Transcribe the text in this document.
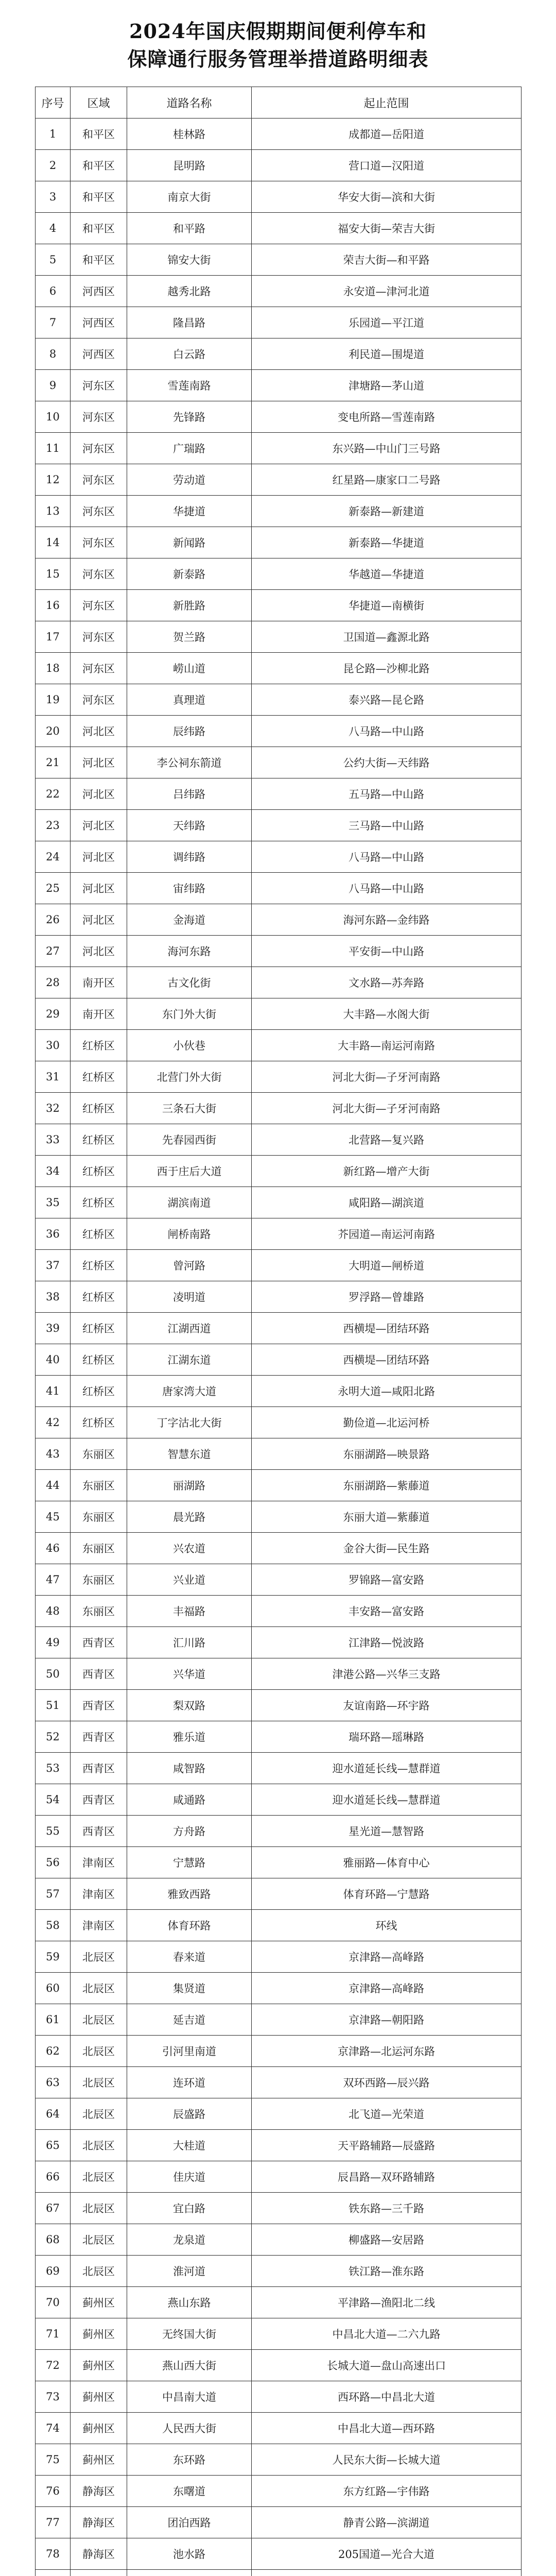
2024年国庆假期期间便利停车和
保障通行服务管理举措道路明细表
序号	区域	道路名称	起止范围
1	和平区	桂林路	成都道—岳阳道
2	和平区	昆明路	营口道—汉阳道
3	和平区	南京大街	华安大街—滨和大街
4	和平区	和平路	福安大街—荣吉大街
5	和平区	锦安大街	荣吉大街—和平路
6	河西区	越秀北路	永安道—津河北道
7	河西区	隆昌路	乐园道—平江道
8	河西区	白云路	利民道—围堤道
9	河东区	雪莲南路	津塘路—茅山道
10	河东区	先锋路	变电所路—雪莲南路
11	河东区	广瑞路	东兴路—中山门三号路
12	河东区	劳动道	红星路—康家口二号路
13	河东区	华捷道	新泰路—新建道
14	河东区	新闻路	新泰路—华捷道
15	河东区	新泰路	华越道—华捷道
16	河东区	新胜路	华捷道—南横街
17	河东区	贺兰路	卫国道—鑫源北路
18	河东区	崂山道	昆仑路—沙柳北路
19	河东区	真理道	泰兴路—昆仑路
20	河北区	辰纬路	八马路—中山路
21	河北区	李公祠东箭道	公约大街—天纬路
22	河北区	吕纬路	五马路—中山路
23	河北区	天纬路	三马路—中山路
24	河北区	调纬路	八马路—中山路
25	河北区	宙纬路	八马路—中山路
26	河北区	金海道	海河东路—金纬路
27	河北区	海河东路	平安街—中山路
28	南开区	古文化街	文水路—苏奔路
29	南开区	东门外大街	大丰路—水阁大街
30	红桥区	小伙巷	大丰路—南运河南路
31	红桥区	北营门外大街	河北大街—子牙河南路
32	红桥区	三条石大街	河北大街—子牙河南路
33	红桥区	先春园西街	北营路—复兴路
34	红桥区	西于庄后大道	新红路—增产大街
35	红桥区	湖滨南道	咸阳路—湖滨道
36	红桥区	闸桥南路	芥园道—南运河南路
37	红桥区	曾河路	大明道—闸桥道
38	红桥区	凌明道	罗浮路—曾雄路
39	红桥区	江湖西道	西横堤—团结环路
40	红桥区	江湖东道	西横堤—团结环路
41	红桥区	唐家湾大道	永明大道—咸阳北路
42	红桥区	丁字沽北大街	勤俭道—北运河桥
43	东丽区	智慧东道	东丽湖路—映景路
44	东丽区	丽湖路	东丽湖路—紫藤道
45	东丽区	晨光路	东丽大道—紫藤道
46	东丽区	兴农道	金谷大街—民生路
47	东丽区	兴业道	罗锦路—富安路
48	东丽区	丰福路	丰安路—富安路
49	西青区	汇川路	江津路—悦波路
50	西青区	兴华道	津港公路—兴华三支路
51	西青区	梨双路	友谊南路—环宇路
52	西青区	雅乐道	瑞环路—瑶琳路
53	西青区	咸智路	迎水道延长线—慧群道
54	西青区	咸通路	迎水道延长线—慧群道
55	西青区	方舟路	星光道—慧智路
56	津南区	宁慧路	雅丽路—体育中心
57	津南区	雅致西路	体育环路—宁慧路
58	津南区	体育环路	环线
59	北辰区	春来道	京津路—高峰路
60	北辰区	集贤道	京津路—高峰路
61	北辰区	延吉道	京津路—朝阳路
62	北辰区	引河里南道	京津路—北运河东路
63	北辰区	连环道	双环西路—辰兴路
64	北辰区	辰盛路	北飞道—光荣道
65	北辰区	大桂道	天平路辅路—辰盛路
66	北辰区	佳庆道	辰昌路—双环路辅路
67	北辰区	宜白路	铁东路—三千路
68	北辰区	龙泉道	柳盛路—安居路
69	北辰区	淮河道	铁江路—淮东路
70	蓟州区	燕山东路	平津路—渔阳北二线
71	蓟州区	无终国大街	中昌北大道—二六九路
72	蓟州区	燕山西大街	长城大道—盘山高速出口
73	蓟州区	中昌南大道	西环路—中昌北大道
74	蓟州区	人民西大街	中昌北大道—西环路
75	蓟州区	东环路	人民东大街—长城大道
76	静海区	东曙道	东方红路—宇伟路
77	静海区	团泊西路	静青公路—滨湖道
78	静海区	池水路	205国道—光合大道
